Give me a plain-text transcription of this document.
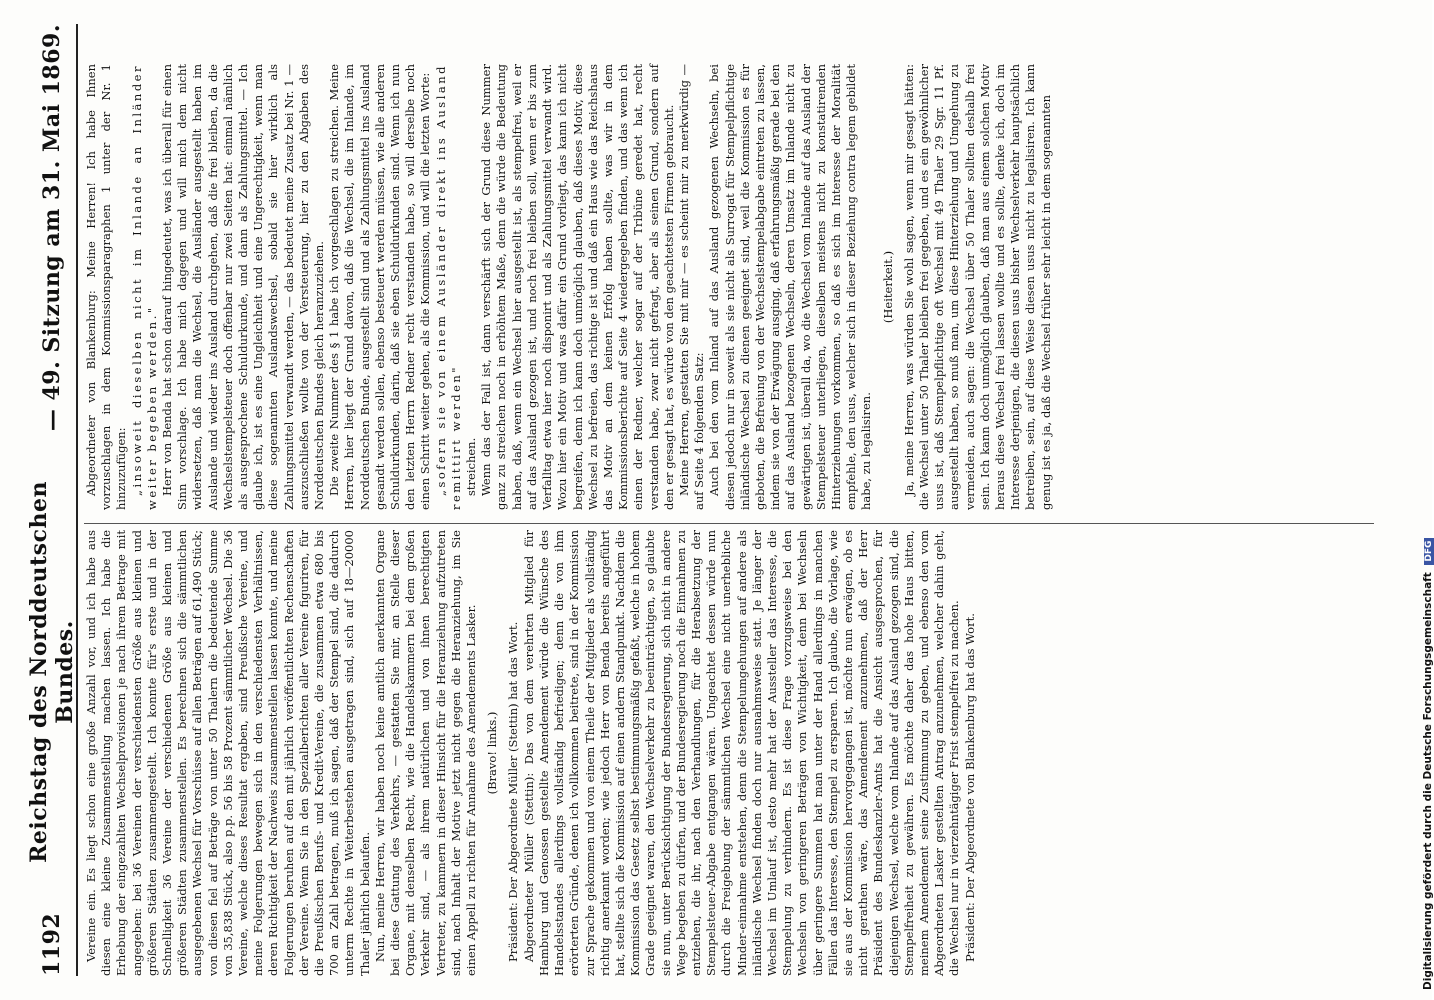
1192
Reichstag des Norddeutschen Bundes.
— 49. Sitzung am 31. Mai 1869.

Vereine ein. Es liegt schon eine große Anzahl vor, und ich habe aus diesen eine kleine Zusammenstellung machen lassen. Ich habe die Erhebung der eingezahlten Wechselprovisionen je nach ihrem Betrage mit angegeben: bei 36 Vereinen der verschiedensten Größe aus kleinen und größeren Städten zusammengestellt. Ich konnte für's erste und in der Schnelligkeit 36 Vereine der verschiedenen Größe aus kleinen und größeren Städten zusammenstellen. Es berechnen sich die sämmtlichen ausgegebenen Wechsel für Vorschüsse auf allen Beträgen auf 61,490 Stück; von diesen fiel auf Beträge von unter 50 Thalern die bedeutende Summe von 35,838 Stück, also p.p. 56 bis 58 Prozent sämmtlicher Wechsel. Die 36 Vereine, welche dieses Resultat ergaben, sind Preußische Vereine, und meine Folgerungen bewegen sich in den verschiedensten Verhältnissen, deren Richtigkeit der Nachweis zusammenstellen lassen konnte, und meine Folgerungen beruhen auf den mit jährlich veröffentlichten Rechenschaften der Vereine. Wenn Sie in den Spezialberichten aller Vereine figuriren, für die Preußischen Berufs- und Kredit-Vereine, die zusammen etwa 680 bis 700 an Zahl betragen, muß ich sagen, daß der Stempel sind, die dadurch unterm Rechte in Weiterbestehen ausgetragen sind, sich auf 18—20000 Thaler jährlich belaufen. Nun, meine Herren, wir haben noch keine amtlich anerkannten Organe bei diese Gattung des Verkehrs, — gestatten Sie mir, an Stelle dieser Organe, mit denselben Recht, wie die Handelskammern bei dem großen Verkehr sind, — als ihrem natürlichen und von ihnen berechtigten Vertreter, zu kammern in dieser Hinsicht für die Heranziehung aufzutreten sind, nach Inhalt der Motive jetzt nicht gegen die Heranziehung, im Sie einen Appell zu richten für Annahme des Amendements Lasker. (Bravo! links.) Präsident: Der Abgeordnete Müller (Stettin) hat das Wort. Abgeordneter Müller (Stettin): Das von dem verehrten Mitglied für Hamburg und Genossen gestellte Amendement würde die Wünsche des Handelsstandes allerdings vollständig befriedigen; denn die von ihm erörterten Gründe, denen ich vollkommen beitrete, sind in der Kommission zur Sprache gekommen und von einem Theile der Mitglieder als vollständig richtig anerkannt worden; wie jedoch Herr von Benda bereits angeführt hat, stellte sich die Kommission auf einen andern Standpunkt. Nachdem die Kommission das Gesetz selbst bestimmungsmäßig gefaßt, welche in hohem Grade geeignet waren, den Wechselverkehr zu beeinträchtigen, so glaubte sie nun, unter Berücksichtigung der Bundesregierung, sich nicht in andere Wege begeben zu dürfen, und der Bundesregierung noch die Einnahmen zu entziehen, die ihr, nach den Verhandlungen, für die Herabsetzung der Stempelsteuer-Abgabe entgangen wären. Ungeachtet dessen würde nun durch die Freigebung der sämmtlichen Wechsel eine nicht unerhebliche Minder-einnahme entstehen, denn die Stempelumgehungen auf andere als inländische Wechsel finden doch nur ausnahmsweise statt. Je länger der Wechsel im Umlauf ist, desto mehr hat der Aussteller das Interesse, die Stempelung zu verhindern. Es ist diese Frage vorzugsweise bei den Wechseln von geringeren Beträgen von Wichtigkeit, denn bei Wechseln über geringere Summen hat man unter der Hand allerdings in manchen Fällen das Interesse, den Stempel zu ersparen. Ich glaube, die Vorlage, wie sie aus der Kommission hervorgegangen ist, möchte nun erwägen, ob es nicht gerathen wäre, das Amendement anzunehmen, daß der Herr Präsident des Bundeskanzler-Amts hat die Ansicht ausgesprochen, für diejenigen Wechsel, welche vom Inlande auf das Ausland gezogen sind, die Stempelfreiheit zu gewähren. Es möchte daher das hohe Haus bitten, meinem Amendement seine Zustimmung zu geben, und ebenso den vom Abgeordneten Lasker gestellten Antrag anzunehmen, welcher dahin geht, die Wechsel nur in vierzehntägiger Frist stempelfrei zu machen. Präsident: Der Abgeordnete von Blankenburg hat das Wort.

Abgeordneter von Blankenburg: Meine Herren! Ich habe Ihnen vorzuschlagen in dem Kommissionsparagraphen 1 unter der Nr. 1 hinzuzufügen: „insoweit dieselben nicht im Inlande an Inländer weiter begeben werden." Herr von Benda hat schon darauf hingedeutet, was ich überall für einen Sinn vorschlage. Ich habe mich dagegen und will mich dem nicht widersetzen, daß man die Wechsel, die Ausländer ausgestellt haben im Auslande und wieder ins Ausland durchgehen, daß die frei bleiben, da die Wechselstempelsteuer doch offenbar nur zwei Seiten hat: einmal nämlich als ausgesprochene Schuldurkunde, und dann als Zahlungsmittel. — Ich glaube ich, ist es eine Ungleichheit und eine Ungerechtigkeit, wenn man diese sogenannten Auslandswechsel, sobald sie hier wirklich als Zahlungsmittel verwandt werden, — das bedeutet meine Zusatz bei Nr. 1 — auszuschließen wollte von der Versteuerung, hier zu den Abgaben des Norddeutschen Bundes gleich heranzuziehen. Die zweite Nummer des § 1 habe ich vorgeschlagen zu streichen. Meine Herren, hier liegt der Grund davon, daß die Wechsel, die im Inlande, im Norddeutschen Bunde, ausgestellt sind und als Zahlungsmittel ins Ausland gesandt werden sollen, ebenso besteuert werden müssen, wie alle anderen Schuldurkunden, darin, daß sie eben Schuldurkunden sind. Wenn ich nun den letzten Herrn Redner recht verstanden habe, so will derselbe noch einen Schritt weiter gehen, als die Kommission, und will die letzten Worte: „sofern sie von einem Ausländer direkt ins Ausland remittirt werden" streichen. Wenn das der Fall ist, dann verschärft sich der Grund diese Nummer ganz zu streichen noch in erhöhtem Maße, denn die würde die Bedeutung haben, daß, wenn ein Wechsel hier ausgestellt ist, als stempelfrei, weil er auf das Ausland gezogen ist, und noch frei bleiben soll, wenn er bis zum Verfalltag etwa hier noch disponirt und als Zahlungsmittel verwandt wird. Wozu hier ein Motiv und was dafür ein Grund vorliegt, das kann ich nicht begreifen, denn ich kann doch unmöglich glauben, daß dieses Motiv, diese Wechsel zu befreien, das richtige ist und daß ein Haus wie das Reichshaus das Motiv an dem keinen Erfolg haben sollte, was wir in dem Kommissionsberichte auf Seite 4 wiedergegeben finden, und das wenn ich einen der Redner, welcher sogar auf der Tribüne geredet hat, recht verstanden habe, zwar nicht gefragt, aber als seinen Grund, sondern auf den er gesagt hat, es würde von den geachtetsten Firmen gebraucht. Meine Herren, gestatten Sie mit mir — es scheint mir zu merkwürdig — auf Seite 4 folgenden Satz: Auch bei den vom Inland auf das Ausland gezogenen Wechseln, bei diesen jedoch nur in soweit als sie nicht als Surrogat für Stempelpflichtige inländische Wechsel zu dienen geeignet sind, weil die Kommission es für geboten, die Befreiung von der Wechselstempelabgabe eintreten zu lassen, indem sie von der Erwägung ausging, daß erfahrungsmäßig gerade bei den auf das Ausland bezogenen Wechseln, deren Umsatz im Inlande nicht zu gewärtigen ist, überall da, wo die Wechsel vom Inlande auf das Ausland der Stempelsteuer unterliegen, dieselben meistens nicht zu konstatirenden Hinterziehungen vorkommen, so daß es sich im Interesse der Moralität empfehle, den usus, welcher sich in dieser Beziehung contra legem gebildet habe, zu legalisiren.

(Heiterkeit.) Ja, meine Herren, was würden Sie wohl sagen, wenn mir gesagt hätten: die Wechsel unter 50 Thaler bleiben frei gegeben, und es ein gewöhnlicher usus ist, daß Stempelpflichtige oft Wechsel mit 49 Thaler 29 Sgr. 11 Pf. ausgestellt haben, so muß man, um diese Hinterziehung und Umgehung zu vermeiden, auch sagen: die Wechsel über 50 Thaler sollten deshalb frei sein. Ich kann doch unmöglich glauben, daß man aus einem solchen Motiv heraus diese Wechsel frei lassen wollte und es sollte, denke ich, doch im Interesse derjenigen, die diesen usus bisher Wechselverkehr hauptsächlich betreiben, sein, auf diese Weise diesen usus nicht zu legalisiren. Ich kann genug ist es ja, daß die Wechsel früher sehr leicht in dem sogenannten

Digitalisierung gefördert durch die Deutsche Forschungsgemeinschaft DFG
